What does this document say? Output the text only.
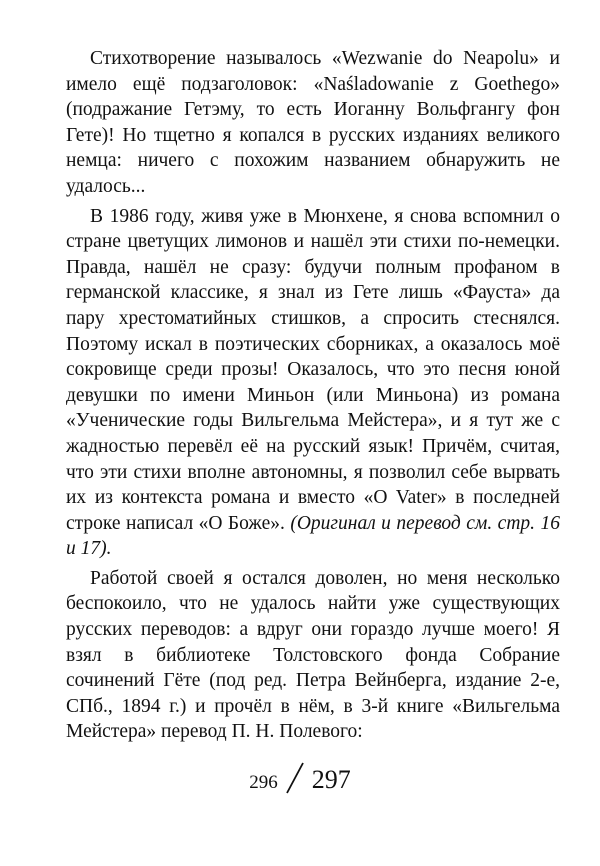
Стихотворение называлось «Wezwanie do Neapolu» и имело ещё подзаголовок: «Naśladowanie z Goethego» (подражание Гетэму, то есть Иоганну Вольфгангу фон Гете)! Но тщетно я копался в русских изданиях великого немца: ничего с похожим названием обнаружить не удалось...

В 1986 году, живя уже в Мюнхене, я снова вспомнил о стране цветущих лимонов и нашёл эти стихи по-немецки. Правда, нашёл не сразу: будучи полным профаном в германской классике, я знал из Гете лишь «Фауста» да пару хрестоматийных стишков, а спросить стеснялся. Поэтому искал в поэтических сборниках, а оказалось моё сокровище среди прозы! Оказалось, что это песня юной девушки по имени Миньон (или Миньона) из романа «Ученические годы Вильгельма Мейстера», и я тут же с жадностью перевёл её на русский язык! Причём, считая, что эти стихи вполне автономны, я позволил себе вырвать их из контекста романа и вместо «O Vater» в последней строке написал «О Боже». (Оригинал и перевод см. стр. 16 и 17).

Работой своей я остался доволен, но меня несколько беспокоило, что не удалось найти уже существующих русских переводов: а вдруг они гораздо лучше моего! Я взял в библиотеке Толстовского фонда Собрание сочинений Гёте (под ред. Петра Вейнберга, издание 2-е, СПб., 1894 г.) и прочёл в нём, в 3-й книге «Вильгельма Мейстера» перевод П. Н. Полевого:

296 297
